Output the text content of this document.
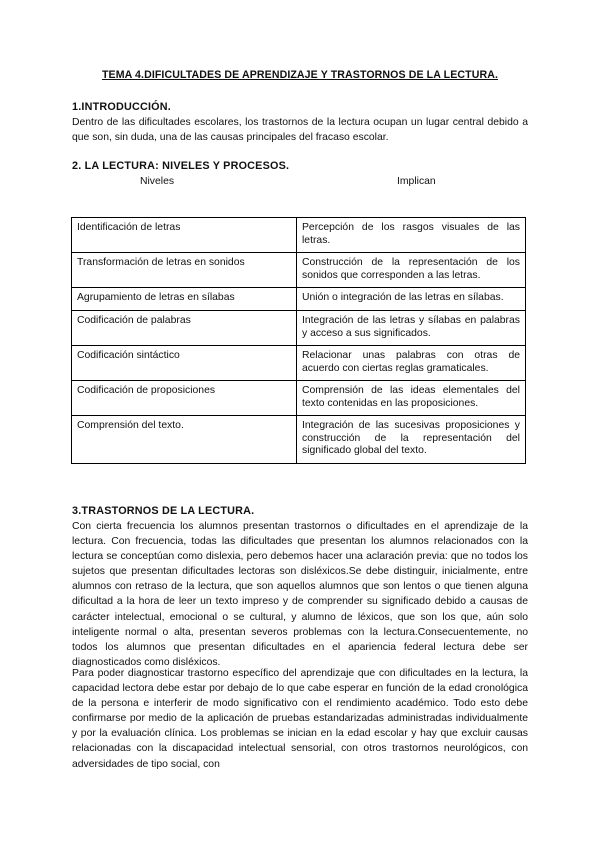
TEMA 4.DIFICULTADES DE APRENDIZAJE Y TRASTORNOS DE LA LECTURA.
1.INTRODUCCIÓN.

Dentro de las dificultades escolares, los trastornos de la lectura ocupan un lugar central debido a que son, sin duda, una de las causas principales del fracaso escolar.

2. LA LECTURA: NIVELES Y PROCESOS.
Niveles	Implican
Identificación de letras	Percepción de los rasgos visuales de las letras.
Transformación de letras en sonidos	Construcción de la representación de los sonidos que corresponden a las letras.
Agrupamiento de letras en sílabas	Unión o integración de las letras en sílabas.
Codificación de palabras	Integración de las letras y sílabas en palabras y acceso a sus significados.
Codificación sintáctico	Relacionar unas palabras con otras de acuerdo con ciertas reglas gramaticales.
Codificación de proposiciones	Comprensión de las ideas elementales del texto contenidas en las proposiciones.
Comprensión del texto.	Integración de las sucesivas proposiciones y construcción de la representación del significado global del texto.
3.TRASTORNOS DE LA LECTURA.

Con cierta frecuencia los alumnos presentan trastornos o dificultades en el aprendizaje de la lectura. Con frecuencia, todas las dificultades que presentan los alumnos relacionados con la lectura se conceptúan como dislexia, pero debemos hacer una aclaración previa: que no todos los sujetos que presentan dificultades lectoras son disléxicos.Se debe distinguir, inicialmente, entre alumnos con retraso de la lectura, que son aquellos alumnos que son lentos o que tienen alguna dificultad a la hora de leer un texto impreso y de comprender su significado debido a causas de carácter intelectual, emocional o se cultural, y alumno de léxicos, que son los que, aún solo inteligente normal o alta, presentan severos problemas con la lectura.Consecuentemente, no todos los alumnos que presentan dificultades en el apariencia federal lectura debe ser diagnosticados como disléxicos.

Para poder diagnosticar trastorno específico del aprendizaje que con dificultades en la lectura, la capacidad lectora debe estar por debajo de lo que cabe esperar en función de la edad cronológica de la persona e interferir de modo significativo con el rendimiento académico. Todo esto debe confirmarse por medio de la aplicación de pruebas estandarizadas administradas individualmente y por la evaluación clínica. Los problemas se inician en la edad escolar y hay que excluir causas relacionadas con la discapacidad intelectual sensorial, con otros trastornos neurológicos, con adversidades de tipo social, con
